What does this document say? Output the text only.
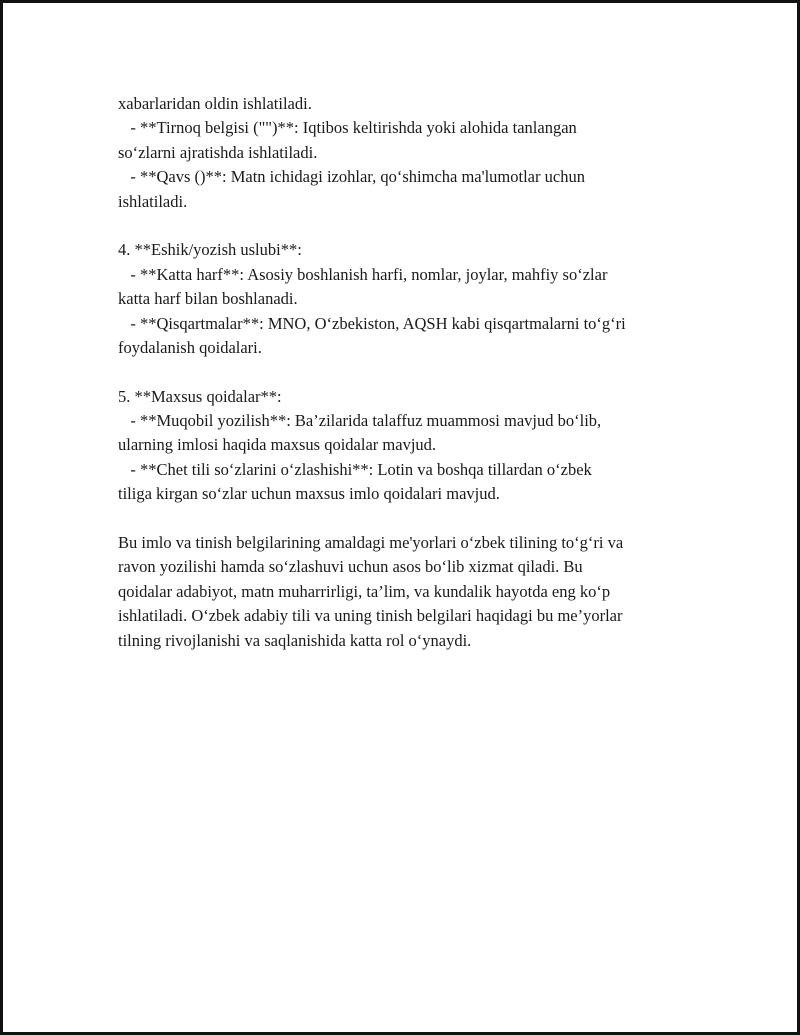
xabarlaridan oldin ishlatiladi.
- **Tirnoq belgisi ("")**: Iqtibos keltirishda yoki alohida tanlangan
so‘zlarni ajratishda ishlatiladi.
- **Qavs ()**: Matn ichidagi izohlar, qo‘shimcha ma'lumotlar uchun
ishlatiladi.
4. **Eshik/yozish uslubi**:
- **Katta harf**: Asosiy boshlanish harfi, nomlar, joylar, mahfiy so‘zlar
katta harf bilan boshlanadi.
- **Qisqartmalar**: MNO, O‘zbekiston, AQSH kabi qisqartmalarni to‘g‘ri
foydalanish qoidalari.
5. **Maxsus qoidalar**:
- **Muqobil yozilish**: Ba’zilarida talaffuz muammosi mavjud bo‘lib,
ularning imlosi haqida maxsus qoidalar mavjud.
- **Chet tili so‘zlarini o‘zlashishi**: Lotin va boshqa tillardan o‘zbek
tiliga kirgan so‘zlar uchun maxsus imlo qoidalari mavjud.
Bu imlo va tinish belgilarining amaldagi me'yorlari o‘zbek tilining to‘g‘ri va
ravon yozilishi hamda so‘zlashuvi uchun asos bo‘lib xizmat qiladi. Bu
qoidalar adabiyot, matn muharrirligi, ta’lim, va kundalik hayotda eng ko‘p
ishlatiladi. O‘zbek adabiy tili va uning tinish belgilari haqidagi bu me’yorlar
tilning rivojlanishi va saqlanishida katta rol o‘ynaydi.
